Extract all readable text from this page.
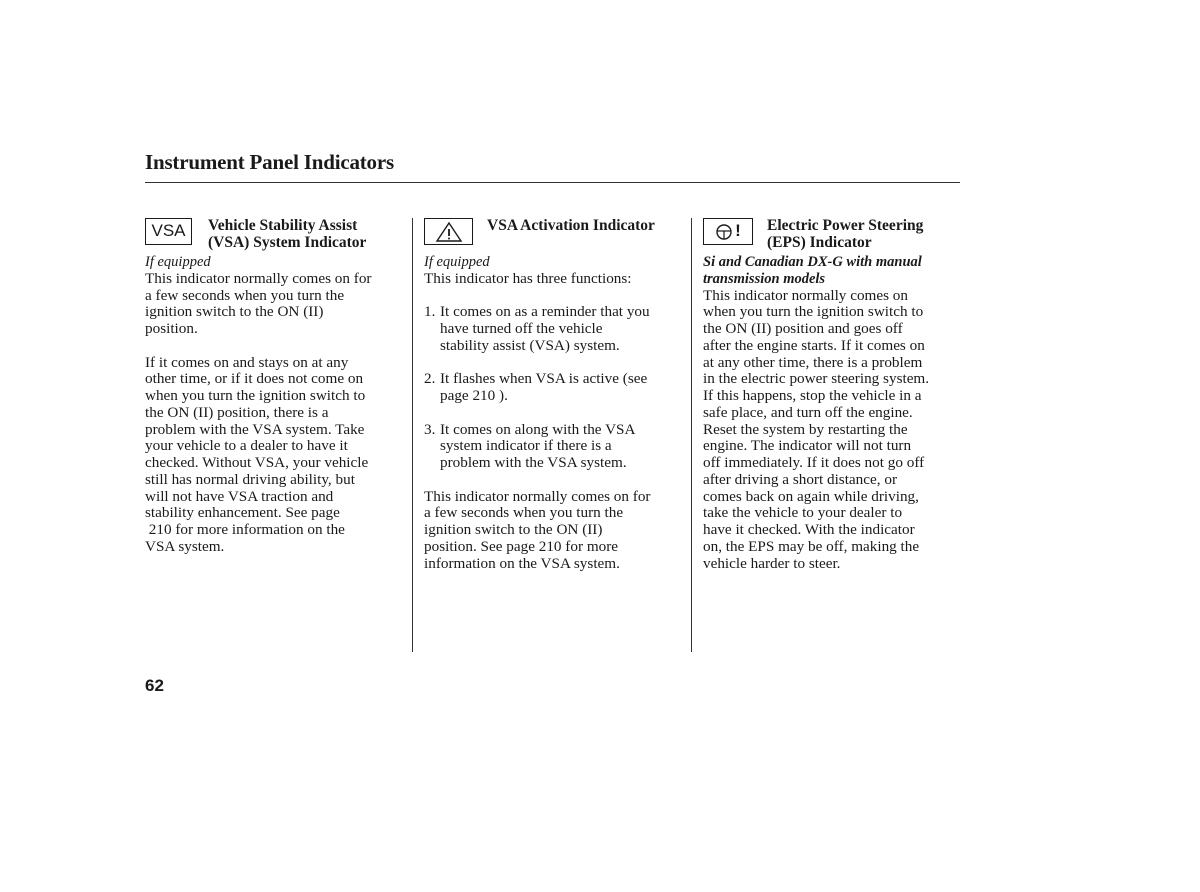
Instrument Panel Indicators
VSA	Vehicle Stability Assist
(VSA) System Indicator
If equipped

This indicator normally comes on for
a few seconds when you turn the
ignition switch to the ON (II)
position.

If it comes on and stays on at any
other time, or if it does not come on
when you turn the ignition switch to
the ON (II) position, there is a
problem with the VSA system. Take
your vehicle to a dealer to have it
checked. Without VSA, your vehicle
still has normal driving ability, but
will not have VSA traction and
stability enhancement. See page
210 for more information on the
VSA system.

VSA Activation Indicator
If equipped

This indicator has three functions:

1. It comes on as a reminder that you
have turned off the vehicle
stability assist (VSA) system.
2. It flashes when VSA is active (see
page 210 ).
3. It comes on along with the VSA
system indicator if there is a
problem with the VSA system.

This indicator normally comes on for
a few seconds when you turn the
ignition switch to the ON (II)
position. See page 210 for more
information on the VSA system.

! Electric Power Steering
(EPS) Indicator
Si and Canadian DX-G with manual
transmission models

This indicator normally comes on
when you turn the ignition switch to
the ON (II) position and goes off
after the engine starts. If it comes on
at any other time, there is a problem
in the electric power steering system.
If this happens, stop the vehicle in a
safe place, and turn off the engine.
Reset the system by restarting the
engine. The indicator will not turn
off immediately. If it does not go off
after driving a short distance, or
comes back on again while driving,
take the vehicle to your dealer to
have it checked. With the indicator
on, the EPS may be off, making the
vehicle harder to steer.

62
